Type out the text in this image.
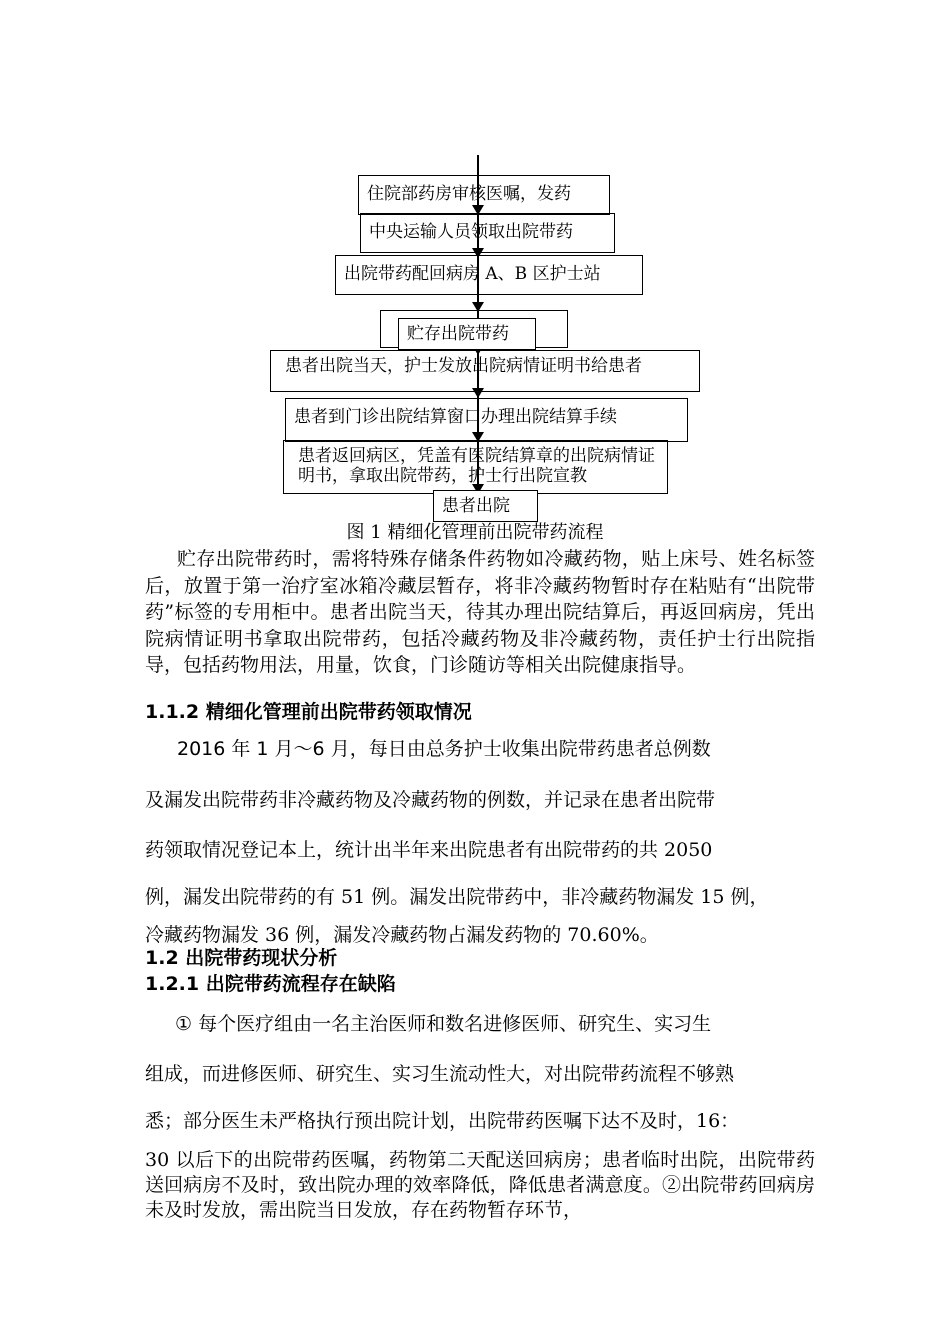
住院部药房审核医嘱，发药
中央运输人员领取出院带药
出院带药配回病房 A、B 区护士站
贮存出院带药
患者出院当天，护士发放出院病情证明书给患者
患者到门诊出院结算窗口办理出院结算手续
患者返回病区，凭盖有医院结算章的出院病情证明书，拿取出院带药，护士行出院宣教
患者出院
图 1 精细化管理前出院带药流程

贮存出院带药时，需将特殊存储条件药物如冷藏药物，贴上床号、姓名标签后，放置于第一治疗室冰箱冷藏层暂存，将非冷藏药物暂时存在粘贴有“出院带药”标签的专用柜中。患者出院当天，待其办理出院结算后，再返回病房，凭出院病情证明书拿取出院带药，包括冷藏药物及非冷藏药物，责任护士行出院指导，包括药物用法，用量，饮食，门诊随访等相关出院健康指导。

1.1.2 精细化管理前出院带药领取情况

2016 年 1 月～6 月，每日由总务护士收集出院带药患者总例数

及漏发出院带药非冷藏药物及冷藏药物的例数，并记录在患者出院带

药领取情况登记本上，统计出半年来出院患者有出院带药的共 2050

例，漏发出院带药的有 51 例。漏发出院带药中，非冷藏药物漏发 15 例，

冷藏药物漏发 36 例，漏发冷藏药物占漏发药物的 70.60%。

1.2 出院带药现状分析

1.2.1 出院带药流程存在缺陷

① 每个医疗组由一名主治医师和数名进修医师、研究生、实习生

组成，而进修医师、研究生、实习生流动性大，对出院带药流程不够熟

悉；部分医生未严格执行预出院计划，出院带药医嘱下达不及时，16：

30 以后下的出院带药医嘱，药物第二天配送回病房；患者临时出院，出院带药送回病房不及时，致出院办理的效率降低，降低患者满意度。②出院带药回病房未及时发放，需出院当日发放，存在药物暂存环节，
